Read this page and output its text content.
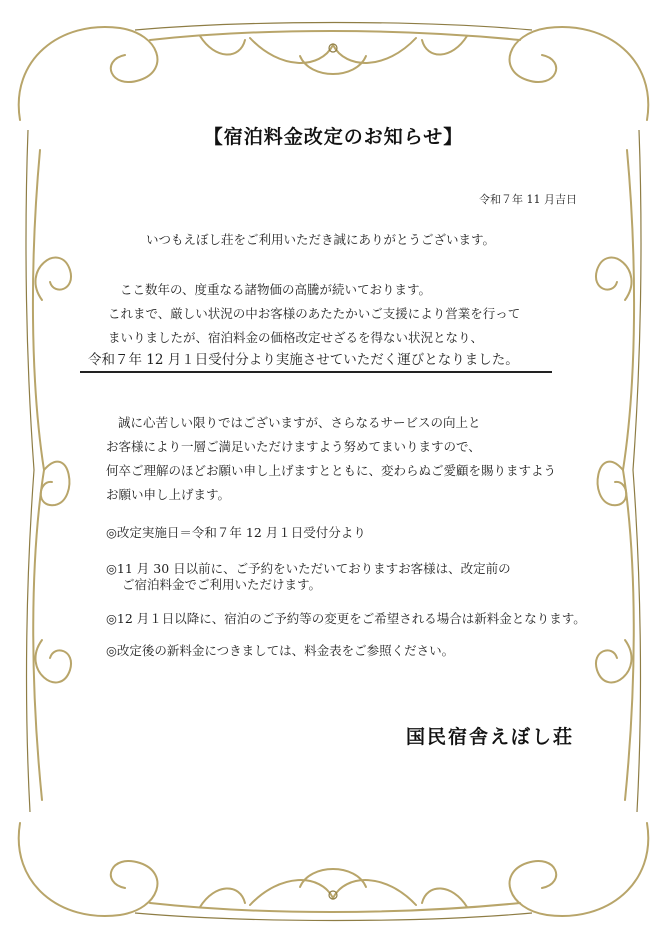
【宿泊料金改定のお知らせ】
令和７年 11 月吉日
いつもえぼし荘をご利用いただき誠にありがとうございます。
ここ数年の、度重なる諸物価の高騰が続いております。
これまで、厳しい状況の中お客様のあたたかいご支援により営業を行って
まいりましたが、宿泊料金の価格改定せざるを得ない状況となり、
令和７年 12 月１日受付分より実施させていただく運びとなりました。
誠に心苦しい限りではございますが、さらなるサービスの向上と
お客様により一層ご満足いただけますよう努めてまいりますので、
何卒ご理解のほどお願い申し上げますとともに、変わらぬご愛顧を賜りますよう
お願い申し上げます。
◎改定実施日＝令和７年 12 月１日受付分より
◎11 月 30 日以前に、ご予約をいただいておりますお客様は、改定前の
ご宿泊料金でご利用いただけます。
◎12 月１日以降に、宿泊のご予約等の変更をご希望される場合は新料金となります。
◎改定後の新料金につきましては、料金表をご参照ください。
国民宿舎えぼし荘
